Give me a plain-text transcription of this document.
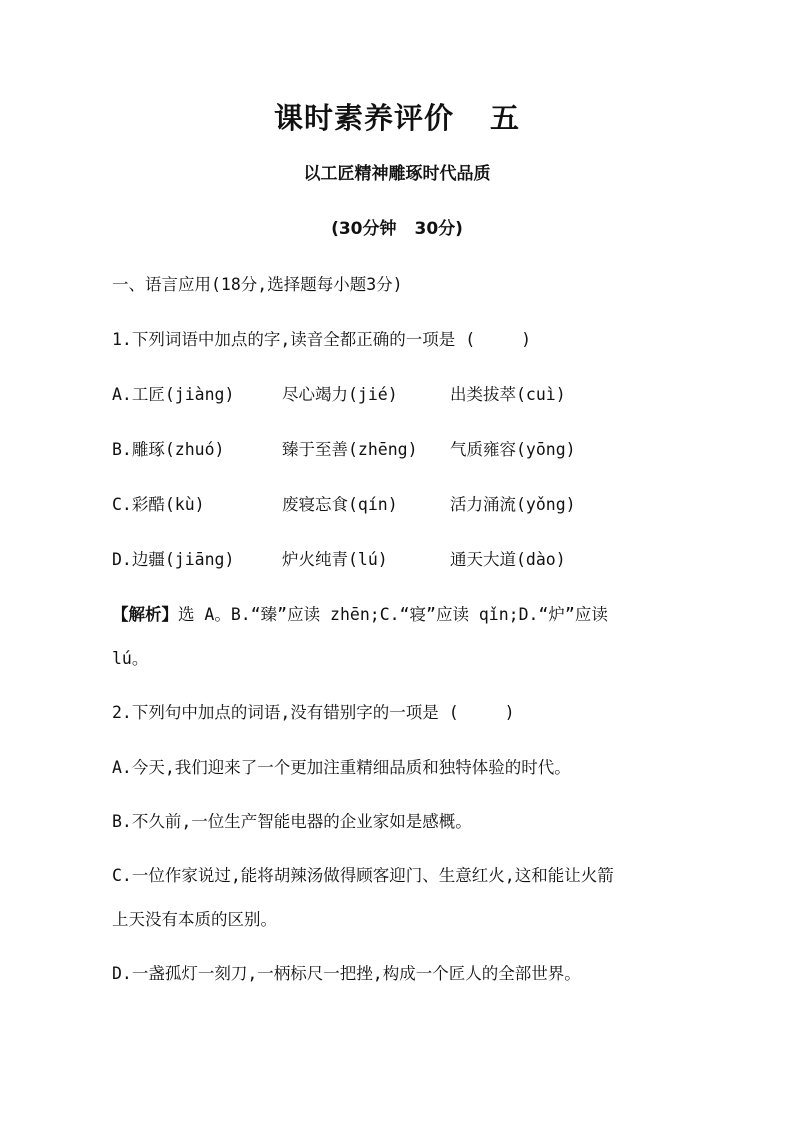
课时素养评价 五
以工匠精神雕琢时代品质
(30分钟 30分)
一、语言应用(18分,选择题每小题3分)
1.下列词语中加点的字,读音全都正确的一项是 (	)
A.工匠(jiàng)	尽心竭力(jié)	出类拔萃(cuì)
B.雕琢(zhuó)	臻于至善(zhēng) 气质雍容(yōng)
C.彩酷(kù)	废寝忘食(qín)	活力涌流(yǒng)
D.边疆(jiāng)	炉火纯青(lú)	通天大道(dào)
【解析】选 A。B.“臻”应读 zhēn;C.“寝”应读 qǐn;D.“炉”应读
lú。
2.下列句中加点的词语,没有错别字的一项是 (	)
A.今天,我们迎来了一个更加注重精细品质和独特体验的时代。
B.不久前,一位生产智能电器的企业家如是感概。
C.一位作家说过,能将胡辣汤做得顾客迎门、生意红火,这和能让火箭
上天没有本质的区别。
D.一盏孤灯一刻刀,一柄标尺一把挫,构成一个匠人的全部世界。
